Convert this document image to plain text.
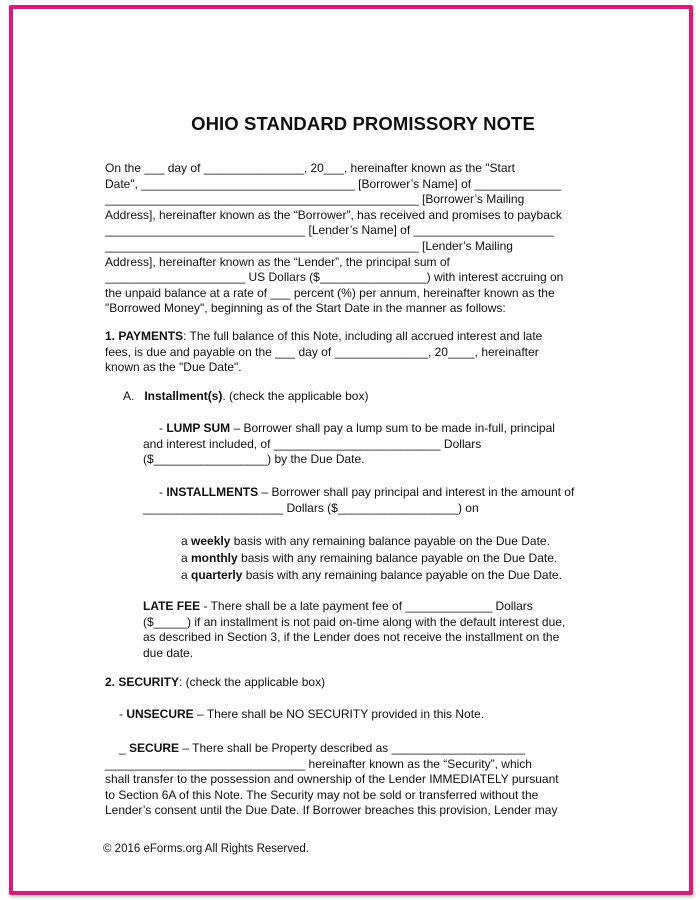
OHIO STANDARD PROMISSORY NOTE
On the ___ day of _______________, 20___, hereinafter known as the "Start
Date", ________________________________ [Borrower’s Name] of _____________
_______________________________________________ [Borrower’s Mailing
Address], hereinafter known as the “Borrower”, has received and promises to payback
______________________________ [Lender’s Name] of _____________________
_______________________________________________ [Lender’s Mailing
Address], hereinafter known as the “Lender”, the principal sum of
_____________________ US Dollars ($________________) with interest accruing on
the unpaid balance at a rate of ___ percent (%) per annum, hereinafter known as the
"Borrowed Money", beginning as of the Start Date in the manner as follows:
1. PAYMENTS: The full balance of this Note, including all accrued interest and late
fees, is due and payable on the ___ day of ______________, 20____, hereinafter
known as the "Due Date".
A. Installment(s). (check the applicable box)
- LUMP SUM – Borrower shall pay a lump sum to be made in-full, principal
and interest included, of _________________________ Dollars
($_________________) by the Due Date.
- INSTALLMENTS – Borrower shall pay principal and interest in the amount of
_____________________ Dollars ($__________________) on
a weekly basis with any remaining balance payable on the Due Date.
a monthly basis with any remaining balance payable on the Due Date.
a quarterly basis with any remaining balance payable on the Due Date.
LATE FEE - There shall be a late payment fee of _____________ Dollars
($_____) if an installment is not paid on-time along with the default interest due,
as described in Section 3, if the Lender does not receive the installment on the
due date.
2. SECURITY: (check the applicable box)
- UNSECURE – There shall be NO SECURITY provided in this Note.
_ SECURE – There shall be Property described as ____________________
______________________________ hereinafter known as the “Security”, which
shall transfer to the possession and ownership of the Lender IMMEDIATELY pursuant
to Section 6A of this Note. The Security may not be sold or transferred without the
Lender’s consent until the Due Date. If Borrower breaches this provision, Lender may
© 2016 eForms.org All Rights Reserved.
